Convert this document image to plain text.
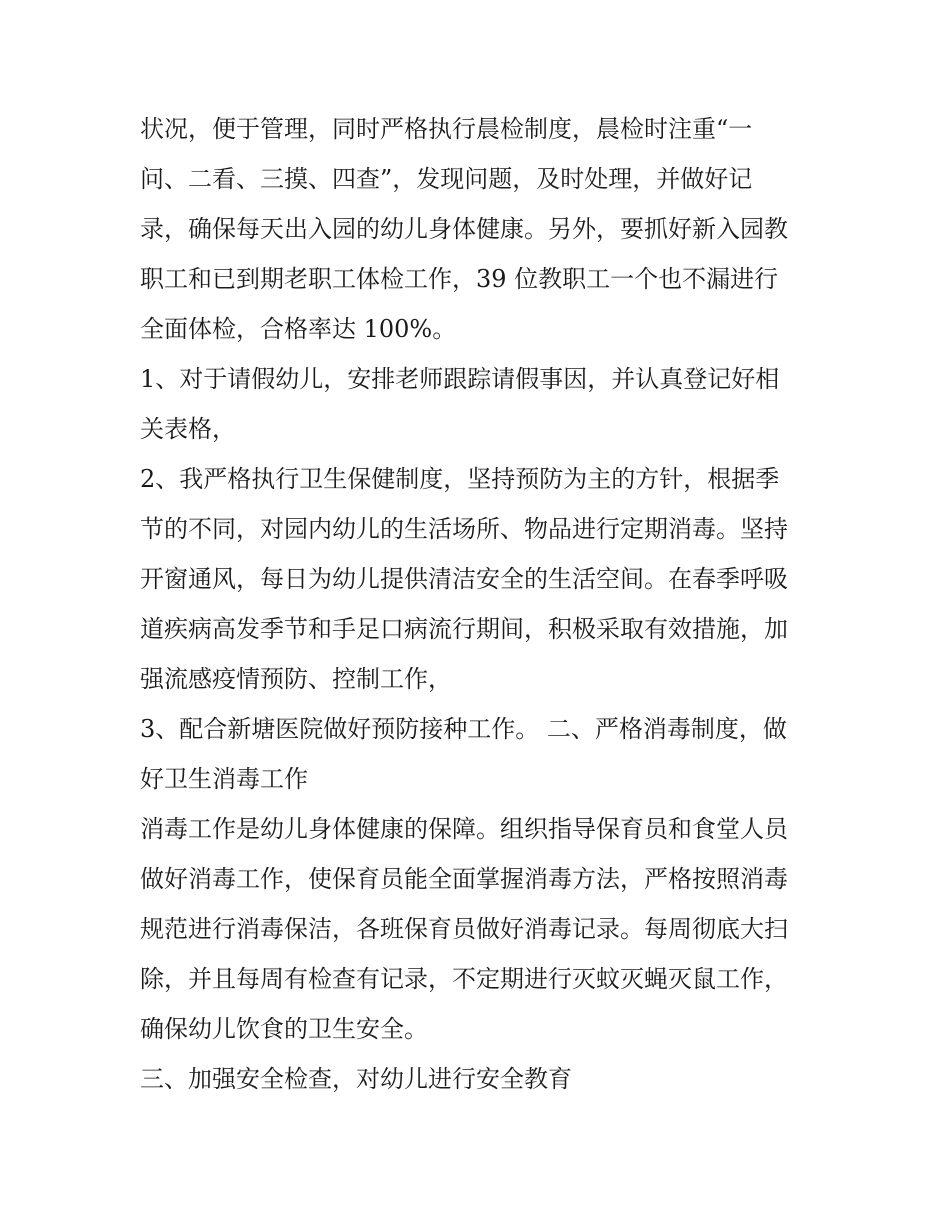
状况，便于管理，同时严格执行晨检制度，晨检时注重“一
问、二看、三摸、四查”，发现问题，及时处理，并做好记
录，确保每天出入园的幼儿身体健康。另外，要抓好新入园教
职工和已到期老职工体检工作，39 位教职工一个也不漏进行
全面体检，合格率达 100%。
1、对于请假幼儿，安排老师跟踪请假事因，并认真登记好相
关表格，
2、我严格执行卫生保健制度，坚持预防为主的方针，根据季
节的不同，对园内幼儿的生活场所、物品进行定期消毒。坚持
开窗通风，每日为幼儿提供清洁安全的生活空间。在春季呼吸
道疾病高发季节和手足口病流行期间，积极采取有效措施，加
强流感疫情预防、控制工作，
3、配合新塘医院做好预防接种工作。 二、严格消毒制度，做
好卫生消毒工作
消毒工作是幼儿身体健康的保障。组织指导保育员和食堂人员
做好消毒工作，使保育员能全面掌握消毒方法，严格按照消毒
规范进行消毒保洁，各班保育员做好消毒记录。每周彻底大扫
除，并且每周有检查有记录，不定期进行灭蚊灭蝇灭鼠工作，
确保幼儿饮食的卫生安全。
三、加强安全检查，对幼儿进行安全教育
